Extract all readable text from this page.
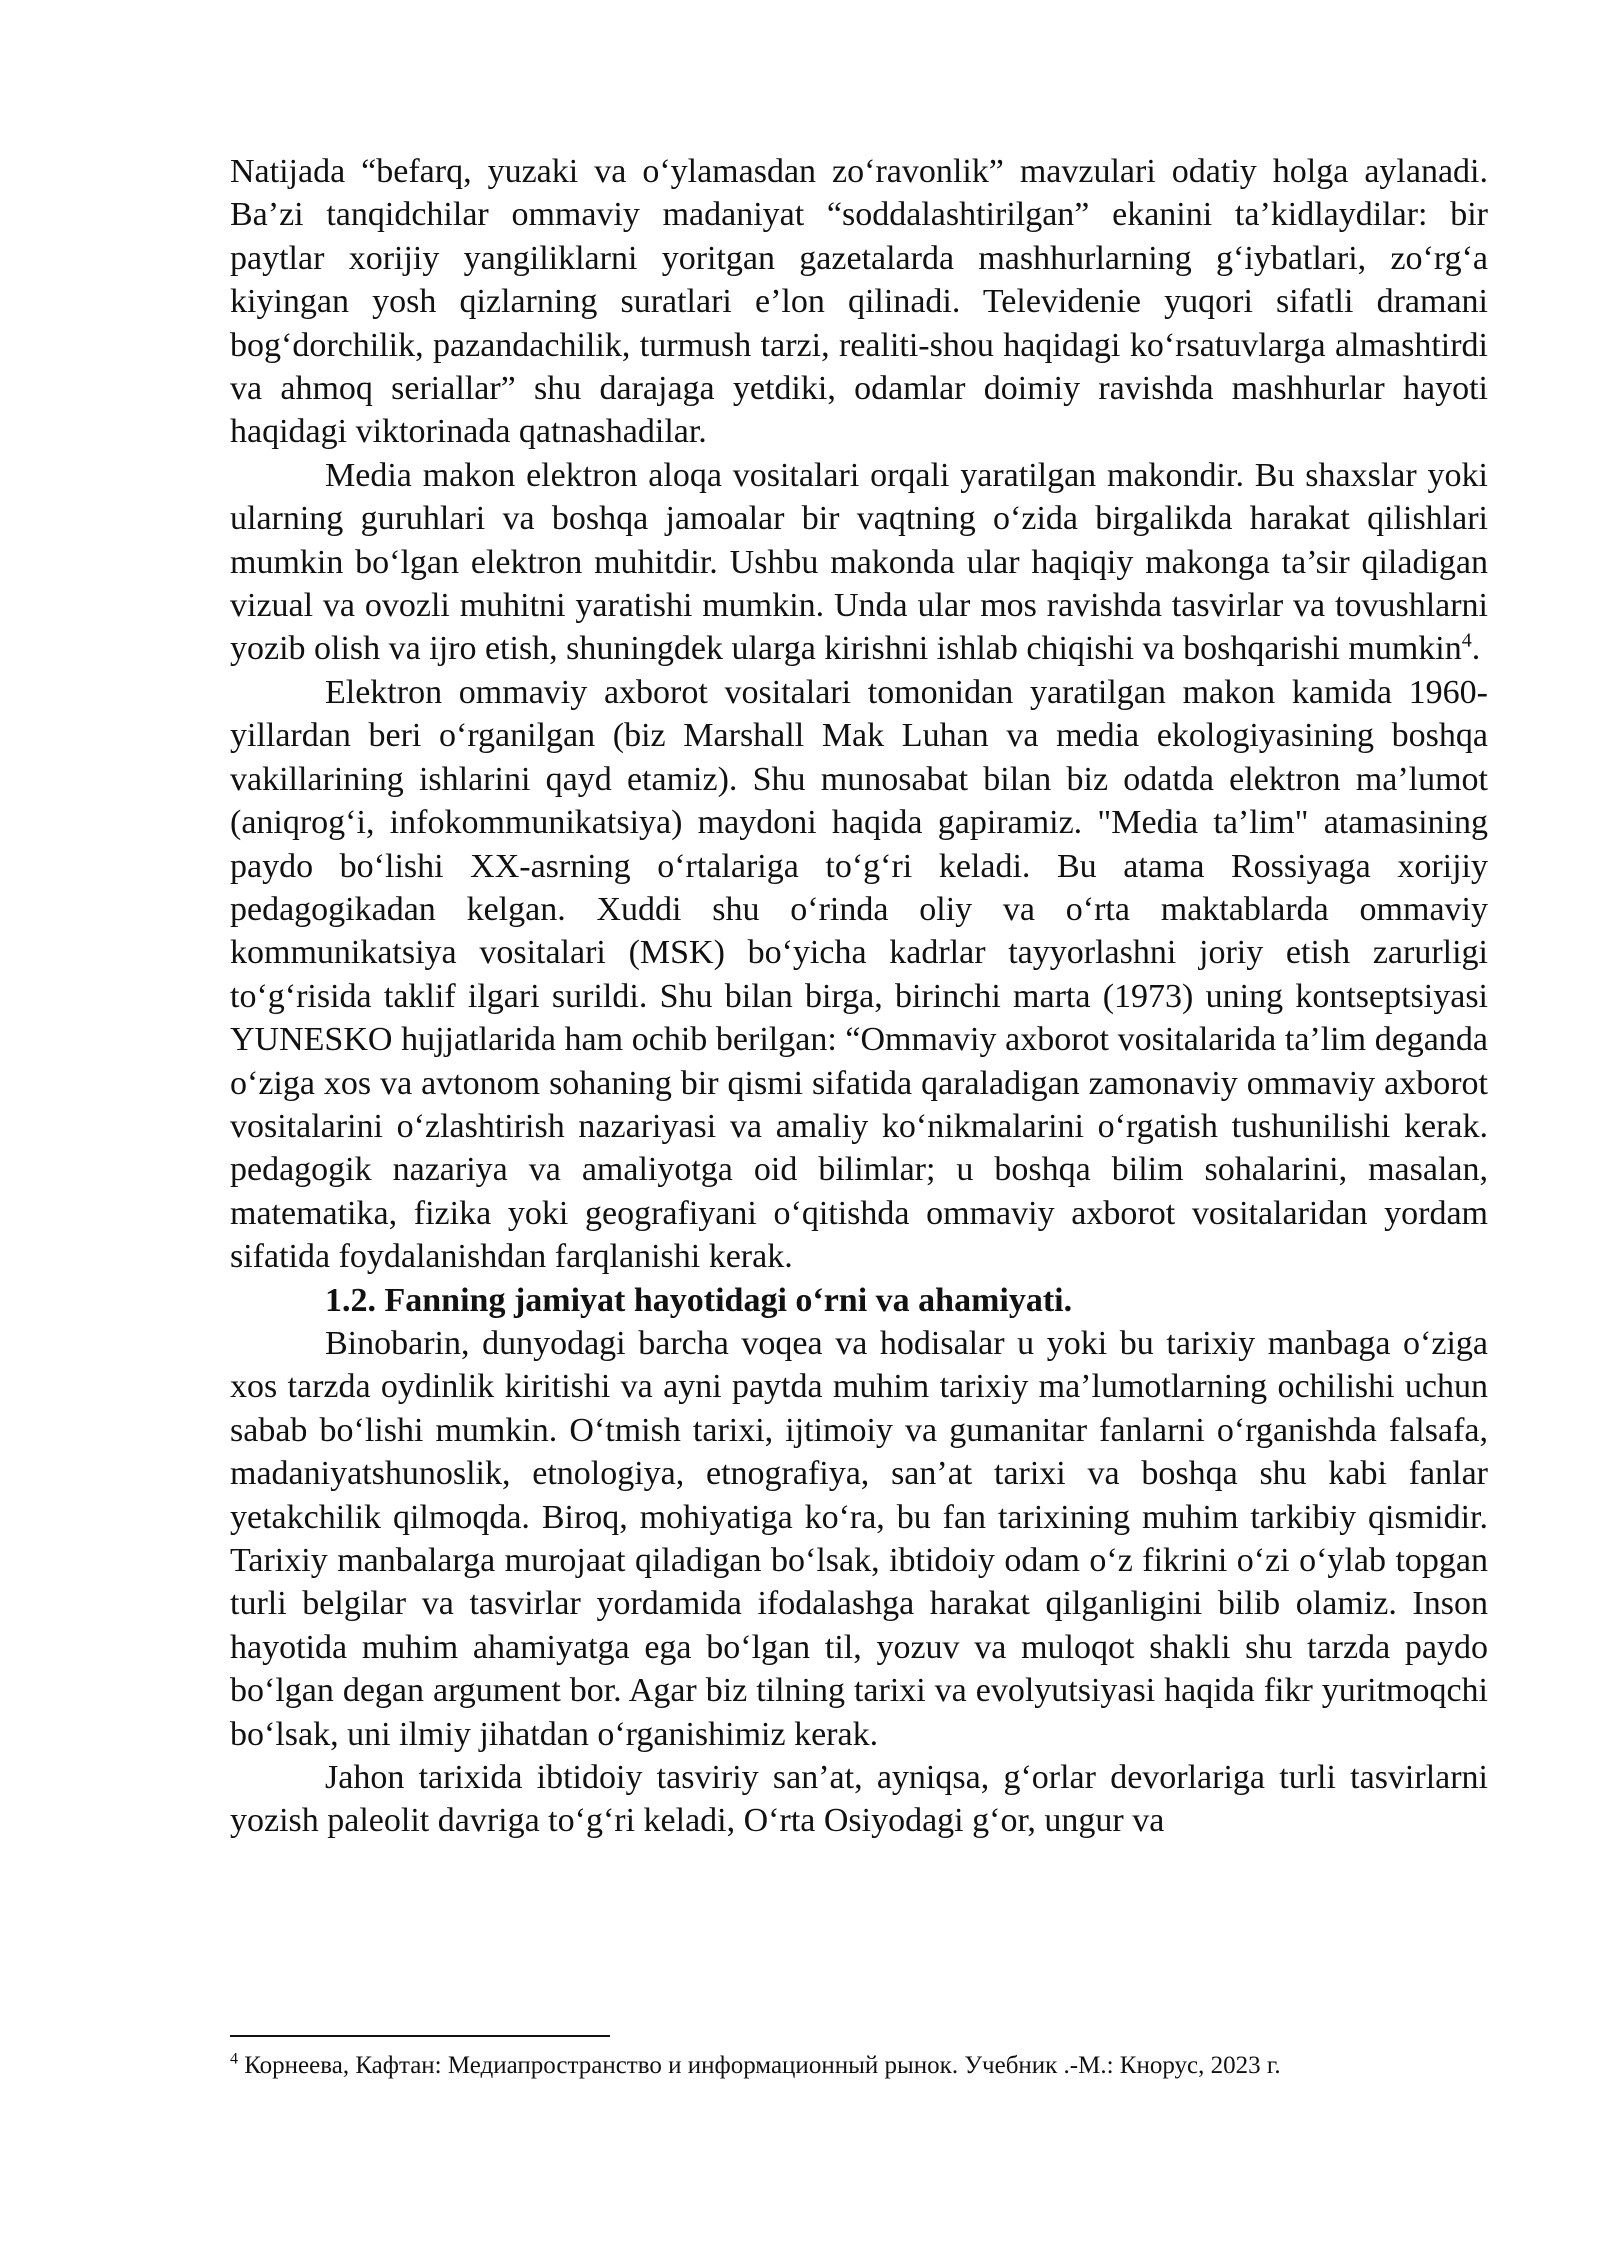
Natijada “befarq, yuzaki va o‘ylamasdan zo‘ravonlik” mavzulari odatiy holga aylanadi. Ba’zi tanqidchilar ommaviy madaniyat “soddalashtirilgan” ekanini ta’kidlaydilar: bir paytlar xorijiy yangiliklarni yoritgan gazetalarda mashhurlarning g‘iybatlari, zo‘rg‘a kiyingan yosh qizlarning suratlari e’lon qilinadi. Televidenie yuqori sifatli dramani bog‘dorchilik, pazandachilik, turmush tarzi, realiti-shou haqidagi ko‘rsatuvlarga almashtirdi va ahmoq seriallar” shu darajaga yetdiki, odamlar doimiy ravishda mashhurlar hayoti haqidagi viktorinada qatnashadilar.

Media makon elektron aloqa vositalari orqali yaratilgan makondir. Bu shaxslar yoki ularning guruhlari va boshqa jamoalar bir vaqtning o‘zida birgalikda harakat qilishlari mumkin bo‘lgan elektron muhitdir. Ushbu makonda ular haqiqiy makonga ta’sir qiladigan vizual va ovozli muhitni yaratishi mumkin. Unda ular mos ravishda tasvirlar va tovushlarni yozib olish va ijro etish, shuningdek ularga kirishni ishlab chiqishi va boshqarishi mumkin$^4$.

Elektron ommaviy axborot vositalari tomonidan yaratilgan makon kamida 1960-yillardan beri o‘rganilgan (biz Marshall Mak Luhan va media ekologiyasining boshqa vakillarining ishlarini qayd etamiz). Shu munosabat bilan biz odatda elektron ma’lumot (aniqrog‘i, infokommunikatsiya) maydoni haqida gapiramiz. "Media ta’lim" atamasining paydo bo‘lishi XX-asrning o‘rtalariga to‘g‘ri keladi. Bu atama Rossiyaga xorijiy pedagogikadan kelgan. Xuddi shu o‘rinda oliy va o‘rta maktablarda ommaviy kommunikatsiya vositalari (MSK) bo‘yicha kadrlar tayyorlashni joriy etish zarurligi to‘g‘risida taklif ilgari surildi. Shu bilan birga, birinchi marta (1973) uning kontseptsiyasi YUNESKO hujjatlarida ham ochib berilgan: “Ommaviy axborot vositalarida ta’lim deganda o‘ziga xos va avtonom sohaning bir qismi sifatida qaraladigan zamonaviy ommaviy axborot vositalarini o‘zlashtirish nazariyasi va amaliy ko‘nikmalarini o‘rgatish tushunilishi kerak. pedagogik nazariya va amaliyotga oid bilimlar; u boshqa bilim sohalarini, masalan, matematika, fizika yoki geografiyani o‘qitishda ommaviy axborot vositalaridan yordam sifatida foydalanishdan farqlanishi kerak.

1.2. Fanning jamiyat hayotidagi o‘rni va ahamiyati.

Binobarin, dunyodagi barcha voqea va hodisalar u yoki bu tarixiy manbaga o‘ziga xos tarzda oydinlik kiritishi va ayni paytda muhim tarixiy ma’lumotlarning ochilishi uchun sabab bo‘lishi mumkin. O‘tmish tarixi, ijtimoiy va gumanitar fanlarni o‘rganishda falsafa, madaniyatshunoslik, etnologiya, etnografiya, san’at tarixi va boshqa shu kabi fanlar yetakchilik qilmoqda. Biroq, mohiyatiga ko‘ra, bu fan tarixining muhim tarkibiy qismidir. Tarixiy manbalarga murojaat qiladigan bo‘lsak, ibtidoiy odam o‘z fikrini o‘zi o‘ylab topgan turli belgilar va tasvirlar yordamida ifodalashga harakat qilganligini bilib olamiz. Inson hayotida muhim ahamiyatga ega bo‘lgan til, yozuv va muloqot shakli shu tarzda paydo bo‘lgan degan argument bor. Agar biz tilning tarixi va evolyutsiyasi haqida fikr yuritmoqchi bo‘lsak, uni ilmiy jihatdan o‘rganishimiz kerak.

Jahon tarixida ibtidoiy tasviriy san’at, ayniqsa, g‘orlar devorlariga turli tasvirlarni yozish paleolit davriga to‘g‘ri keladi, O‘rta Osiyodagi g‘or, ungur va

$^4$ Корнеева, Кафтан: Медиапространство и информационный рынок. Учебник .-М.: Кнорус, 2023 г.
